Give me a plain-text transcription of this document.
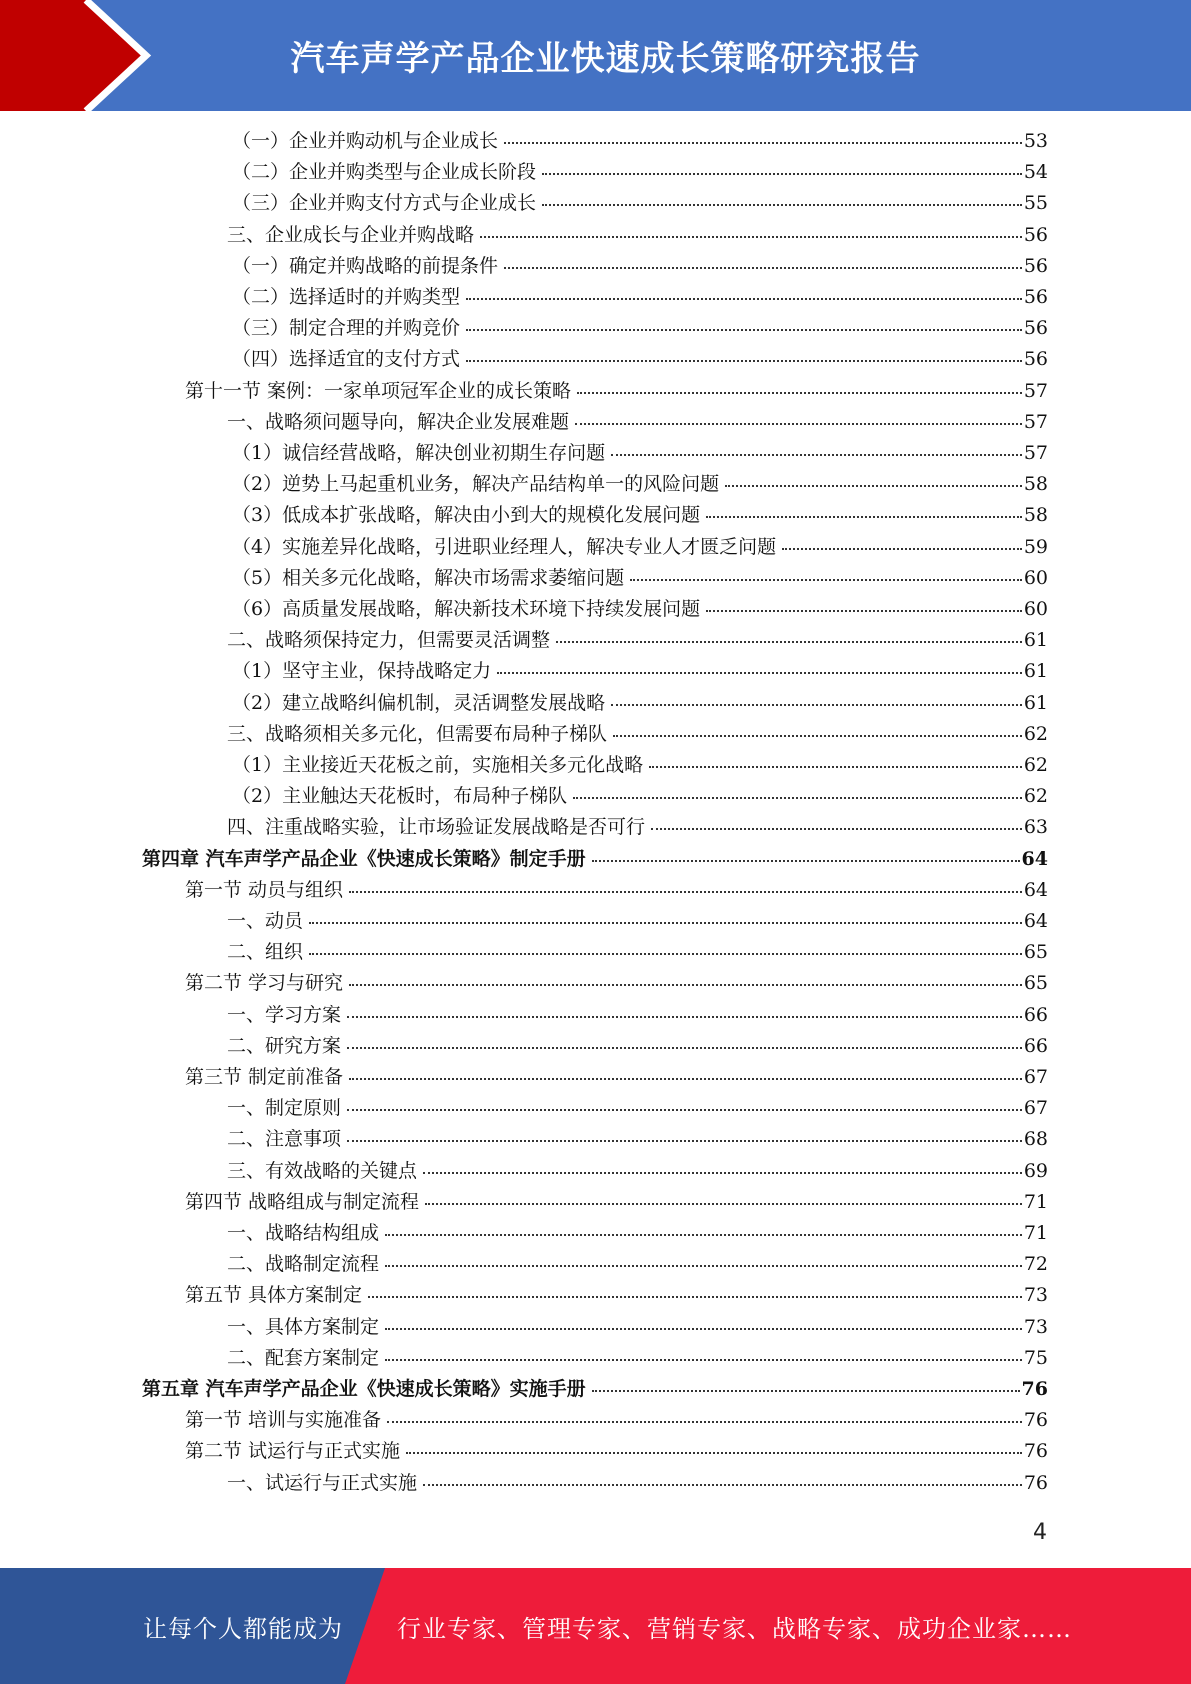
汽车声学产品企业快速成长策略研究报告
（一）企业并购动机与企业成长	53
（二）企业并购类型与企业成长阶段	54
（三）企业并购支付方式与企业成长	55
三、企业成长与企业并购战略	56
（一）确定并购战略的前提条件	56
（二）选择适时的并购类型	56
（三）制定合理的并购竞价	56
（四）选择适宜的支付方式	56
第十一节 案例：一家单项冠军企业的成长策略	57
一、战略须问题导向，解决企业发展难题	57
（1）诚信经营战略，解决创业初期生存问题	57
（2）逆势上马起重机业务，解决产品结构单一的风险问题	58
（3）低成本扩张战略，解决由小到大的规模化发展问题	58
（4）实施差异化战略，引进职业经理人，解决专业人才匮乏问题	59
（5）相关多元化战略，解决市场需求萎缩问题	60
（6）高质量发展战略，解决新技术环境下持续发展问题	60
二、战略须保持定力，但需要灵活调整	61
（1）坚守主业，保持战略定力	61
（2）建立战略纠偏机制，灵活调整发展战略	61
三、战略须相关多元化，但需要布局种子梯队	62
（1）主业接近天花板之前，实施相关多元化战略	62
（2）主业触达天花板时，布局种子梯队	62
四、注重战略实验，让市场验证发展战略是否可行	63
第四章 汽车声学产品企业《快速成长策略》制定手册	64
第一节 动员与组织	64
一、动员	64
二、组织	65
第二节 学习与研究	65
一、学习方案	66
二、研究方案	66
第三节 制定前准备	67
一、制定原则	67
二、注意事项	68
三、有效战略的关键点	69
第四节 战略组成与制定流程	71
一、战略结构组成	71
二、战略制定流程	72
第五节 具体方案制定	73
一、具体方案制定	73
二、配套方案制定	75
第五章 汽车声学产品企业《快速成长策略》实施手册	76
第一节 培训与实施准备	76
第二节 试运行与正式实施	76
一、试运行与正式实施	76
4
让每个人都能成为 行业专家、管理专家、营销专家、战略专家、成功企业家……
